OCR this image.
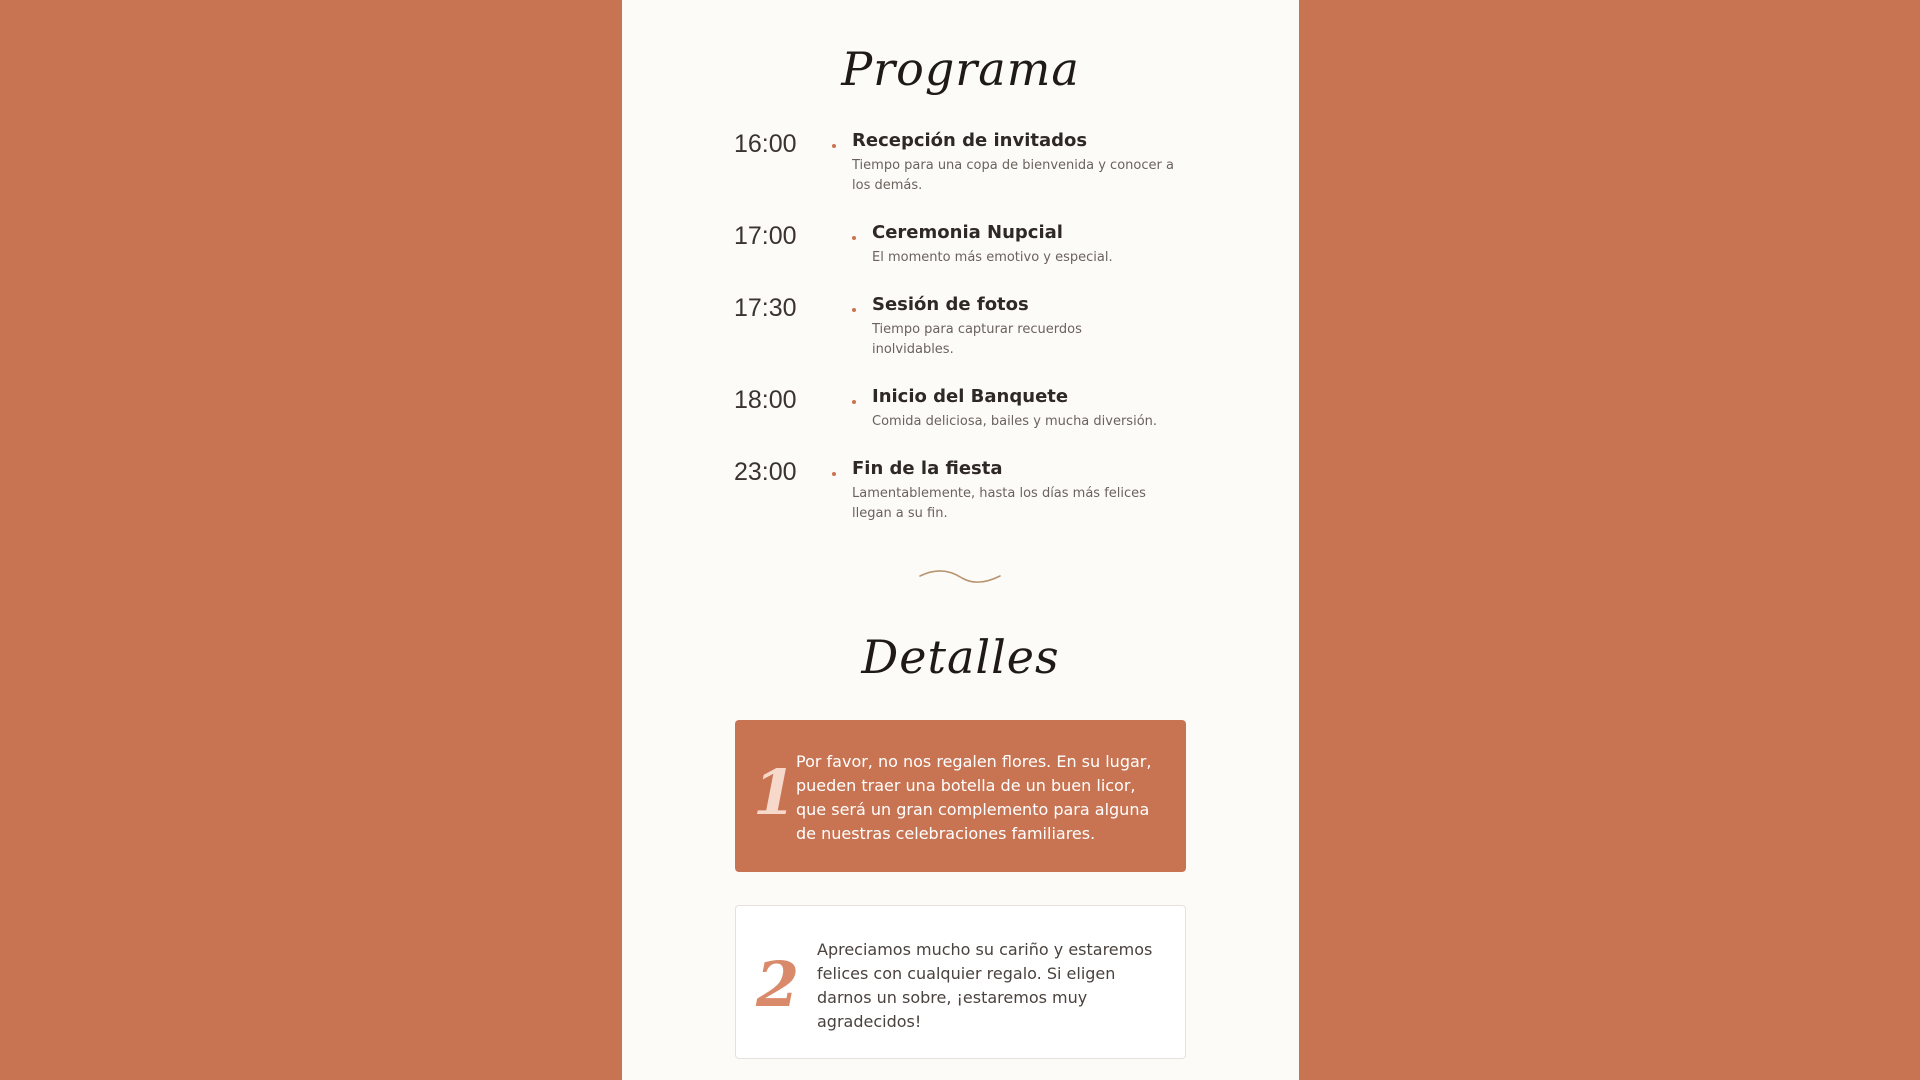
Programa
16:00	Recepción de invitados
Tiempo para una copa de bienvenida y conocer a los demás.
17:00	Ceremonia Nupcial
El momento más emotivo y especial.
17:30	Sesión de fotos
Tiempo para capturar recuerdos inolvidables.
18:00	Inicio del Banquete
Comida deliciosa, bailes y mucha diversión.
23:00	Fin de la fiesta
Lamentablemente, hasta los días más felices llegan a su fin.
Detalles
1 Por favor, no nos regalen flores. En su lugar, pueden traer una botella de un buen licor, que será un gran complemento para alguna de nuestras celebraciones familiares.
2 Apreciamos mucho su cariño y estaremos felices con cualquier regalo. Si eligen darnos un sobre, ¡estaremos muy agradecidos!
